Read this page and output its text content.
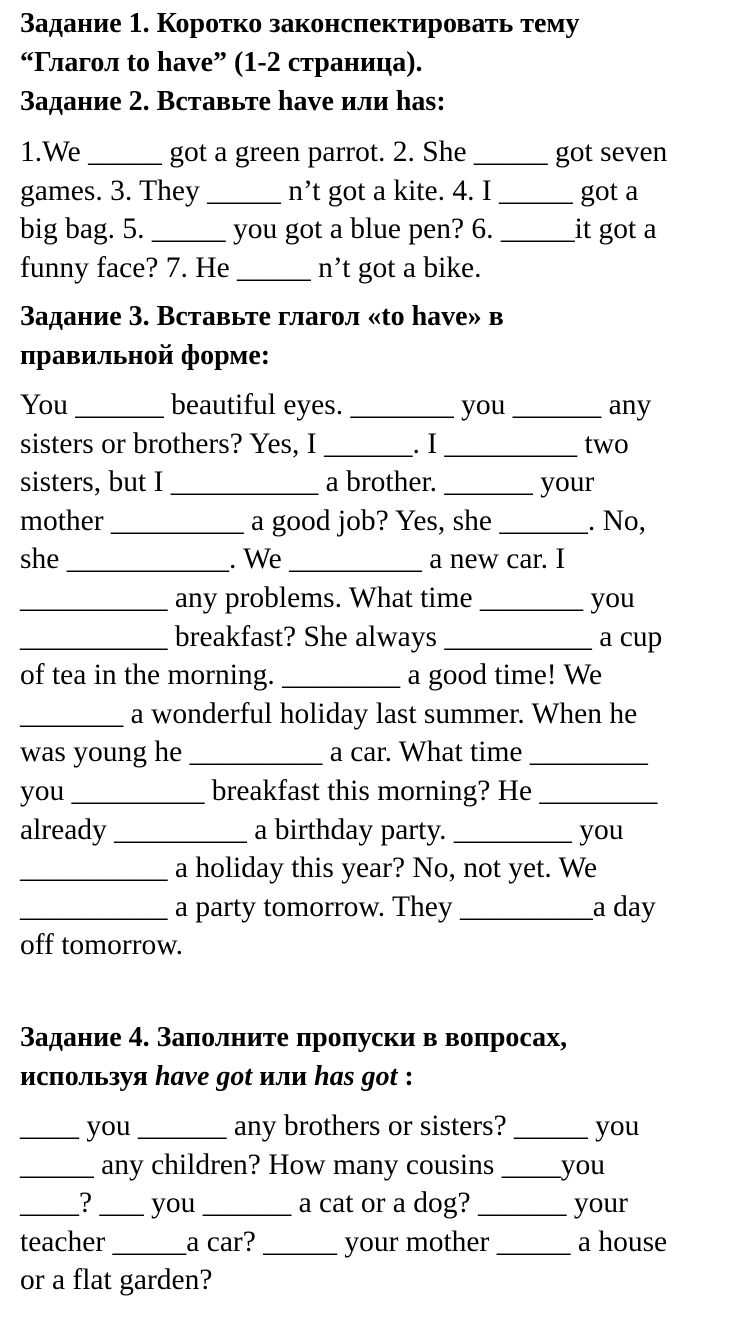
Задание 1. Коротко законспектировать тему
“Глагол to have” (1-2 страница).
Задание 2. Вставьте have или has:
1.We _____ got a green parrot. 2. She _____ got seven
games. 3. They _____ n’t got a kite. 4. I _____ got a
big bag. 5. _____ you got a blue pen? 6. _____it got a
funny face? 7. He _____ n’t got a bike.
Задание 3. Вставьте глагол «to have» в
правильной форме:
You ______ beautiful eyes. _______ you ______ any
sisters or brothers? Yes, I ______. I _________ two
sisters, but I __________ a brother. ______ your
mother _________ a good job? Yes, she ______. No,
she ___________. We _________ a new car. I
__________ any problems. What time _______ you
__________ breakfast? She always __________ a cup
of tea in the morning. ________ a good time! We
_______ a wonderful holiday last summer. When he
was young he _________ a car. What time ________
you _________ breakfast this morning? He ________
already _________ a birthday party. ________ you
__________ a holiday this year? No, not yet. We
__________ a party tomorrow. They _________a day
off tomorrow.
Задание 4. Заполните пропуски в вопросах,
используя have got или has got :
____ you ______ any brothers or sisters? _____ you
_____ any children? How many cousins ____you
____? ___ you ______ a cat or a dog? ______ your
teacher _____a car? _____ your mother _____ a house
or a flat garden?
